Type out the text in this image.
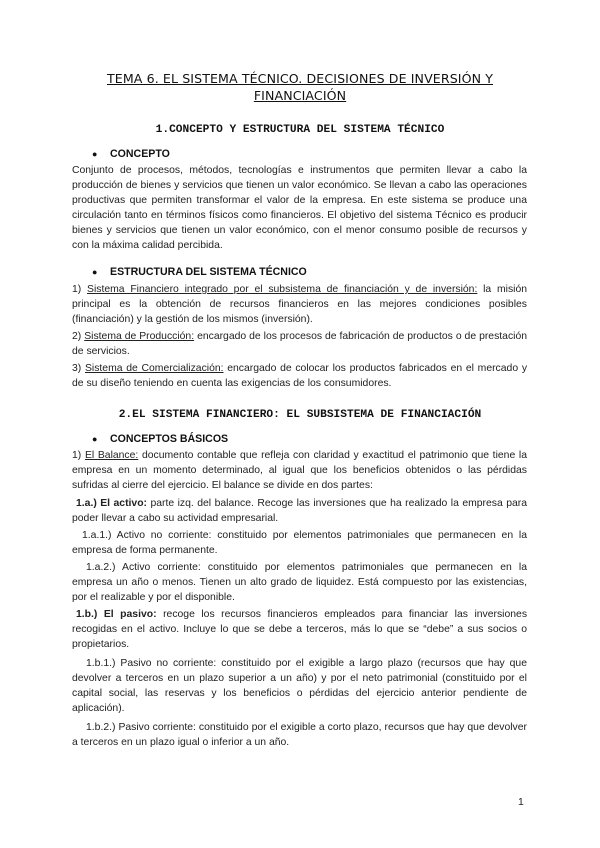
TEMA 6. EL SISTEMA TÉCNICO. DECISIONES DE INVERSIÓN Y FINANCIACIÓN
1.CONCEPTO Y ESTRUCTURA DEL SISTEMA TÉCNICO
● CONCEPTO
Conjunto de procesos, métodos, tecnologías e instrumentos que permiten llevar a cabo la producción de bienes y servicios que tienen un valor económico. Se llevan a cabo las operaciones productivas que permiten transformar el valor de la empresa. En este sistema se produce una circulación tanto en términos físicos como financieros. El objetivo del sistema Técnico es producir bienes y servicios que tienen un valor económico, con el menor consumo posible de recursos y con la máxima calidad percibida.
● ESTRUCTURA DEL SISTEMA TÉCNICO
1) Sistema Financiero integrado por el subsistema de financiación y de inversión: la misión principal es la obtención de recursos financieros en las mejores condiciones posibles (financiación) y la gestión de los mismos (inversión).
2) Sistema de Producción: encargado de los procesos de fabricación de productos o de prestación de servicios.
3) Sistema de Comercialización: encargado de colocar los productos fabricados en el mercado y de su diseño teniendo en cuenta las exigencias de los consumidores.
2.EL SISTEMA FINANCIERO: EL SUBSISTEMA DE FINANCIACIÓN
● CONCEPTOS BÁSICOS
1) El Balance: documento contable que refleja con claridad y exactitud el patrimonio que tiene la empresa en un momento determinado, al igual que los beneficios obtenidos o las pérdidas sufridas al cierre del ejercicio. El balance se divide en dos partes:
1.a.) El activo: parte izq. del balance. Recoge las inversiones que ha realizado la empresa para poder llevar a cabo su actividad empresarial.
1.a.1.) Activo no corriente: constituido por elementos patrimoniales que permanecen en la empresa de forma permanente.
1.a.2.) Activo corriente: constituido por elementos patrimoniales que permanecen en la empresa un año o menos. Tienen un alto grado de liquidez. Está compuesto por las existencias, por el realizable y por el disponible.
1.b.) El pasivo: recoge los recursos financieros empleados para financiar las inversiones recogidas en el activo. Incluye lo que se debe a terceros, más lo que se “debe” a sus socios o propietarios.
1.b.1.) Pasivo no corriente: constituido por el exigible a largo plazo (recursos que hay que devolver a terceros en un plazo superior a un año) y por el neto patrimonial (constituido por el capital social, las reservas y los beneficios o pérdidas del ejercicio anterior pendiente de aplicación).
1.b.2.) Pasivo corriente: constituido por el exigible a corto plazo, recursos que hay que devolver a terceros en un plazo igual o inferior a un año.
1
